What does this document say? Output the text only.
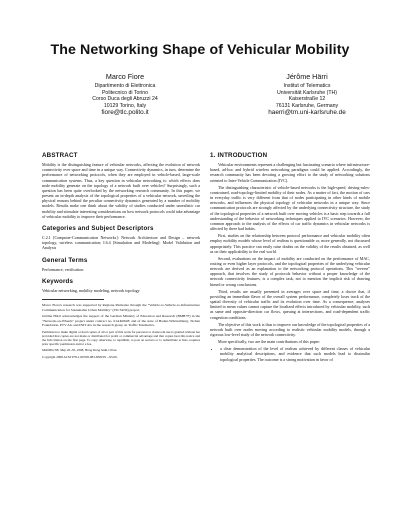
The Networking Shape of Vehicular Mobility
Marco Fiore
Dipartimento di Elettronica
Politecnico di Torino
Corso Duca degli Abruzzi 24
10129 Torino, Italy
fiore@tlc.polito.it
Jérôme Härri
Institut of Telematics
Universität Karlsruhe (TH)
Kaiserstraße 12
76131 Karlsruhe, Germany
haerri@tm.uni-karlsruhe.de
ABSTRACT

Mobility is the distinguishing feature of vehicular networks, affecting the evolution of network connectivity over space and time in a unique way. Connectivity dynamics, in turn, determine the performance of networking protocols, when they are employed in vehicle-based, large-scale communication systems. Thus, a key question in vehicular networking is: which effects does node mobility generate on the topology of a network built over vehicles? Surprisingly, such a question has been quite overlooked by the networking research community. In this paper, we present an in-depth analysis of the topological properties of a vehicular network, unveiling the physical reasons behind the peculiar connectivity dynamics generated by a number of mobility models. Results make one think about the validity of studies conducted under unrealistic car mobility and stimulate interesting considerations on how network protocols could take advantage of vehicular mobility to improve their performance.

Categories and Subject Descriptors

C.2.1 [Computer-Communication Networks]: Network Architecture and Design – network topology, wireless communication; I.6.4 [Simulation and Modeling]: Model Validation and Analysis

General Terms

Performance, verification

Keywords

Vehicular networking, mobility modeling, network topology

Marco Fiore's research was supported by Regione Piemonte through the "Vehicle-to-Vehicle-to-Infrastructure Communication for Sustainable Urban Mobility" (VICSUM) project.

Jérôme Härri acknowledges the support of the German Ministry of Education and Research (BMB+F) in the "Network-on-Wheels" project under contract no. 01AK064F, and of the state of Baden-Württemberg, Tschan Foundation, PTV AG and INIT AG in the research group on Traffic Telematics.

Permission to make digital or hard copies of all or part of this work for personal or classroom use is granted without fee provided that copies are not made or distributed for profit or commercial advantage and that copies bear this notice and the full citation on the first page. To copy otherwise, to republish, to post on servers or to redistribute to lists, requires prior specific permission and/or a fee.

MobiHoc'08, May 26–30, 2008, Hong Kong SAR, China.

Copyright 2008 ACM 978-1-60558-083-8/08/05 ...$5.00.

1. INTRODUCTION

Vehicular environments represent a challenging but fascinating scenario where infrastructure-based, ad-hoc and hybrid wireless networking paradigms could be applied. Accordingly, the research community has been devoting a growing effort to the study of networking solutions oriented to Inter-Vehicle Communication (IVC).

The distinguishing characteristic of vehicle-based networks is the high-speed, driving-rules-constrained, road-topology-limited mobility of their nodes. As a matter of fact, the motion of cars in everyday traffic is very different from that of nodes participating in other kinds of mobile networks, and influences the physical topology of vehicular networks in a unique way. Since communication protocols are strongly affected by the underlying connectivity structure, the study of the topological properties of a network built over moving vehicles is a basic step towards a full understanding of the behavior of networking techniques applied to IVC scenarios. However, the common approach to the analysis of the effects of car traffic dynamics in vehicular networks is affected by three bad habits.

First, studies on the relationship between protocol performance and vehicular mobility often employ mobility models whose level of realism is questionable or, more generally, not discussed appropriately. This practice can easily raise doubts on the validity of the results obtained, as well as on their applicability to the real world.

Second, evaluations on the impact of mobility are conducted on the performance of MAC, routing or even higher layer protocols, and the topological properties of the underlying vehicular network are derived as an explanation to the networking protocol operations. This "reverse" approach, that involves the study of protocols behavior without a proper knowledge of the network connectivity features, is a complex task, not to mention the implicit risk of drawing biased or wrong conclusions.

Third, results are usually presented in averages over space and time, a choice that, if providing an immediate flavor of the overall system performance, completely loses track of the spatial diversity of vehicular traffic and its evolution over time. As a consequence, analyses limited to mean values cannot capture the localized effects introduced by vehicular mobility, such as same and opposite-direction car flows, queuing at intersections, and road-dependent traffic congestion conditions.

The objective of this work is thus to improve our knowledge of the topological properties of a network built over nodes moving according to realistic vehicular mobility models, through a rigorous low-level study of the network connectivity.

More specifically, two are the main contributions of this paper:

• a clear demonstration of the level of realism achieved by different classes of vehicular mobility analytical descriptions, and evidence that such models lead to dissimilar topological properties. The outcome is a strong motivation in favor of
